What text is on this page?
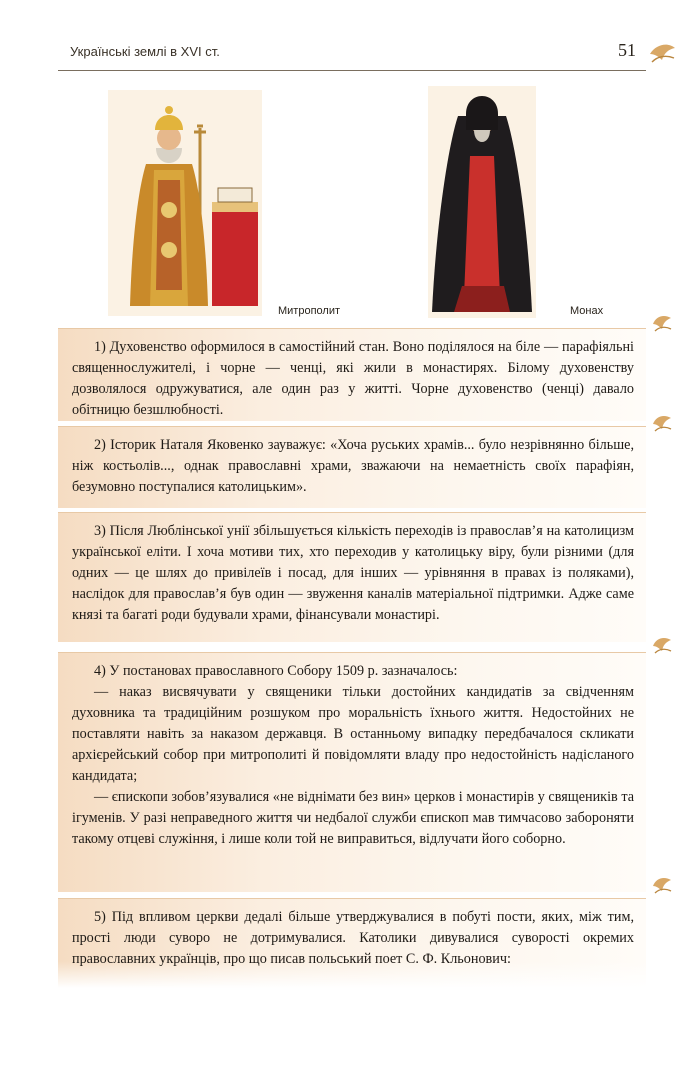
Українські землі в XVI ст.	51
Митрополит	Монах

1) Духовенство оформилося в самостійний стан. Воно поділялося на біле — парафіяльні священнослужителі, і чорне — ченці, які жили в монастирях. Білому духовенству дозволялося одружуватися, але один раз у житті. Чорне духовенство (ченці) давало обітницю безшлюбності.

2) Історик Наталя Яковенко зауважує: «Хоча руських храмів... було незрівнянно більше, ніж костьолів..., однак православні храми, зважаючи на немаетність своїх парафіян, безумовно поступалися католицьким».

3) Після Люблінської унії збільшується кількість переходів із православ’я на католицизм української еліти. І хоча мотиви тих, хто переходив у католицьку віру, були різними (для одних — це шлях до привілеїв і посад, для інших — урівняння в правах із поляками), наслідок для православ’я був один — звуження каналів матеріальної підтримки. Адже саме князі та багаті роди будували храми, фінансували монастирі.

4) У постановах православного Собору 1509 р. зазначалось:

— наказ висвячувати у священики тільки достойних кандидатів за свідченням духовника та традиційним розшуком про моральність їхнього життя. Недостойних не поставляти навіть за наказом державця. В останньому випадку передбачалося скликати архієрейський собор при митрополиті й повідомляти владу про недостойність надісланого кандидата;

— єпископи зобов’язувалися «не віднімати без вин» церков і монастирів у священиків та ігуменів. У разі неправедного життя чи недбалої служби єпископ мав тимчасово забороняти такому отцеві служіння, і лише коли той не виправиться, відлучати його соборно.

5) Під впливом церкви дедалі більше утверджувалися в побуті пости, яких, між тим, прості люди суворо не дотримувалися. Католики дивувалися суворості окремих православних українців, про що писав польський поет С. Ф. Кльонович:
